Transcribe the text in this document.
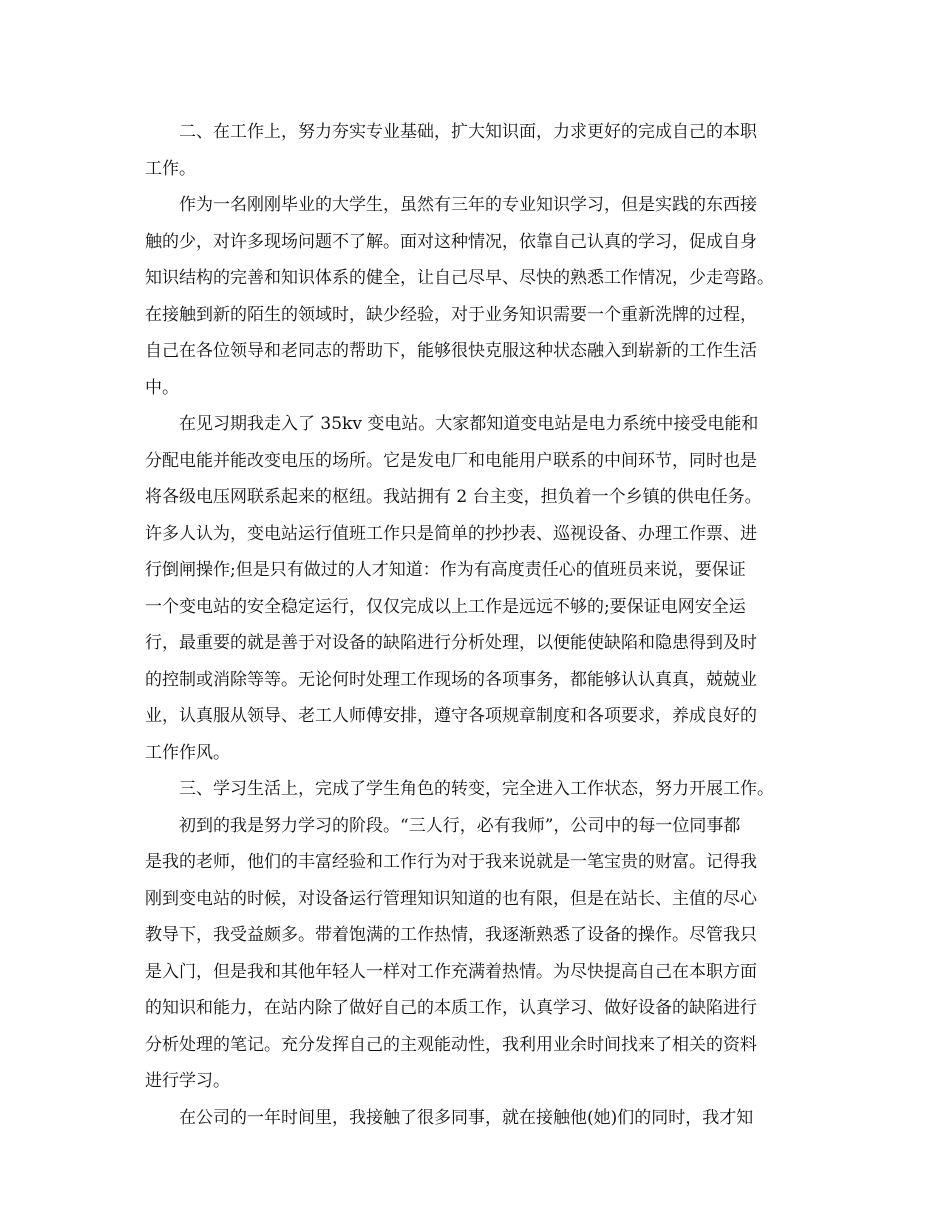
二、在工作上，努力夯实专业基础，扩大知识面，力求更好的完成自己的本职
工作。
作为一名刚刚毕业的大学生，虽然有三年的专业知识学习，但是实践的东西接
触的少，对许多现场问题不了解。面对这种情况，依靠自己认真的学习，促成自身
知识结构的完善和知识体系的健全，让自己尽早、尽快的熟悉工作情况，少走弯路。
在接触到新的陌生的领域时，缺少经验，对于业务知识需要一个重新洗牌的过程，
自己在各位领导和老同志的帮助下，能够很快克服这种状态融入到崭新的工作生活
中。
在见习期我走入了 35kv 变电站。大家都知道变电站是电力系统中接受电能和
分配电能并能改变电压的场所。它是发电厂和电能用户联系的中间环节，同时也是
将各级电压网联系起来的枢纽。我站拥有 2 台主变，担负着一个乡镇的供电任务。
许多人认为，变电站运行值班工作只是简单的抄抄表、巡视设备、办理工作票、进
行倒闸操作;但是只有做过的人才知道：作为有高度责任心的值班员来说，要保证
一个变电站的安全稳定运行，仅仅完成以上工作是远远不够的;要保证电网安全运
行，最重要的就是善于对设备的缺陷进行分析处理，以便能使缺陷和隐患得到及时
的控制或消除等等。无论何时处理工作现场的各项事务，都能够认认真真，兢兢业
业，认真服从领导、老工人师傅安排，遵守各项规章制度和各项要求，养成良好的
工作作风。
三、学习生活上，完成了学生角色的转变，完全进入工作状态，努力开展工作。
初到的我是努力学习的阶段。“三人行，必有我师”，公司中的每一位同事都
是我的老师，他们的丰富经验和工作行为对于我来说就是一笔宝贵的财富。记得我
刚到变电站的时候，对设备运行管理知识知道的也有限，但是在站长、主值的尽心
教导下，我受益颇多。带着饱满的工作热情，我逐渐熟悉了设备的操作。尽管我只
是入门，但是我和其他年轻人一样对工作充满着热情。为尽快提高自己在本职方面
的知识和能力，在站内除了做好自己的本质工作，认真学习、做好设备的缺陷进行
分析处理的笔记。充分发挥自己的主观能动性，我利用业余时间找来了相关的资料
进行学习。
在公司的一年时间里，我接触了很多同事，就在接触他(她)们的同时，我才知
